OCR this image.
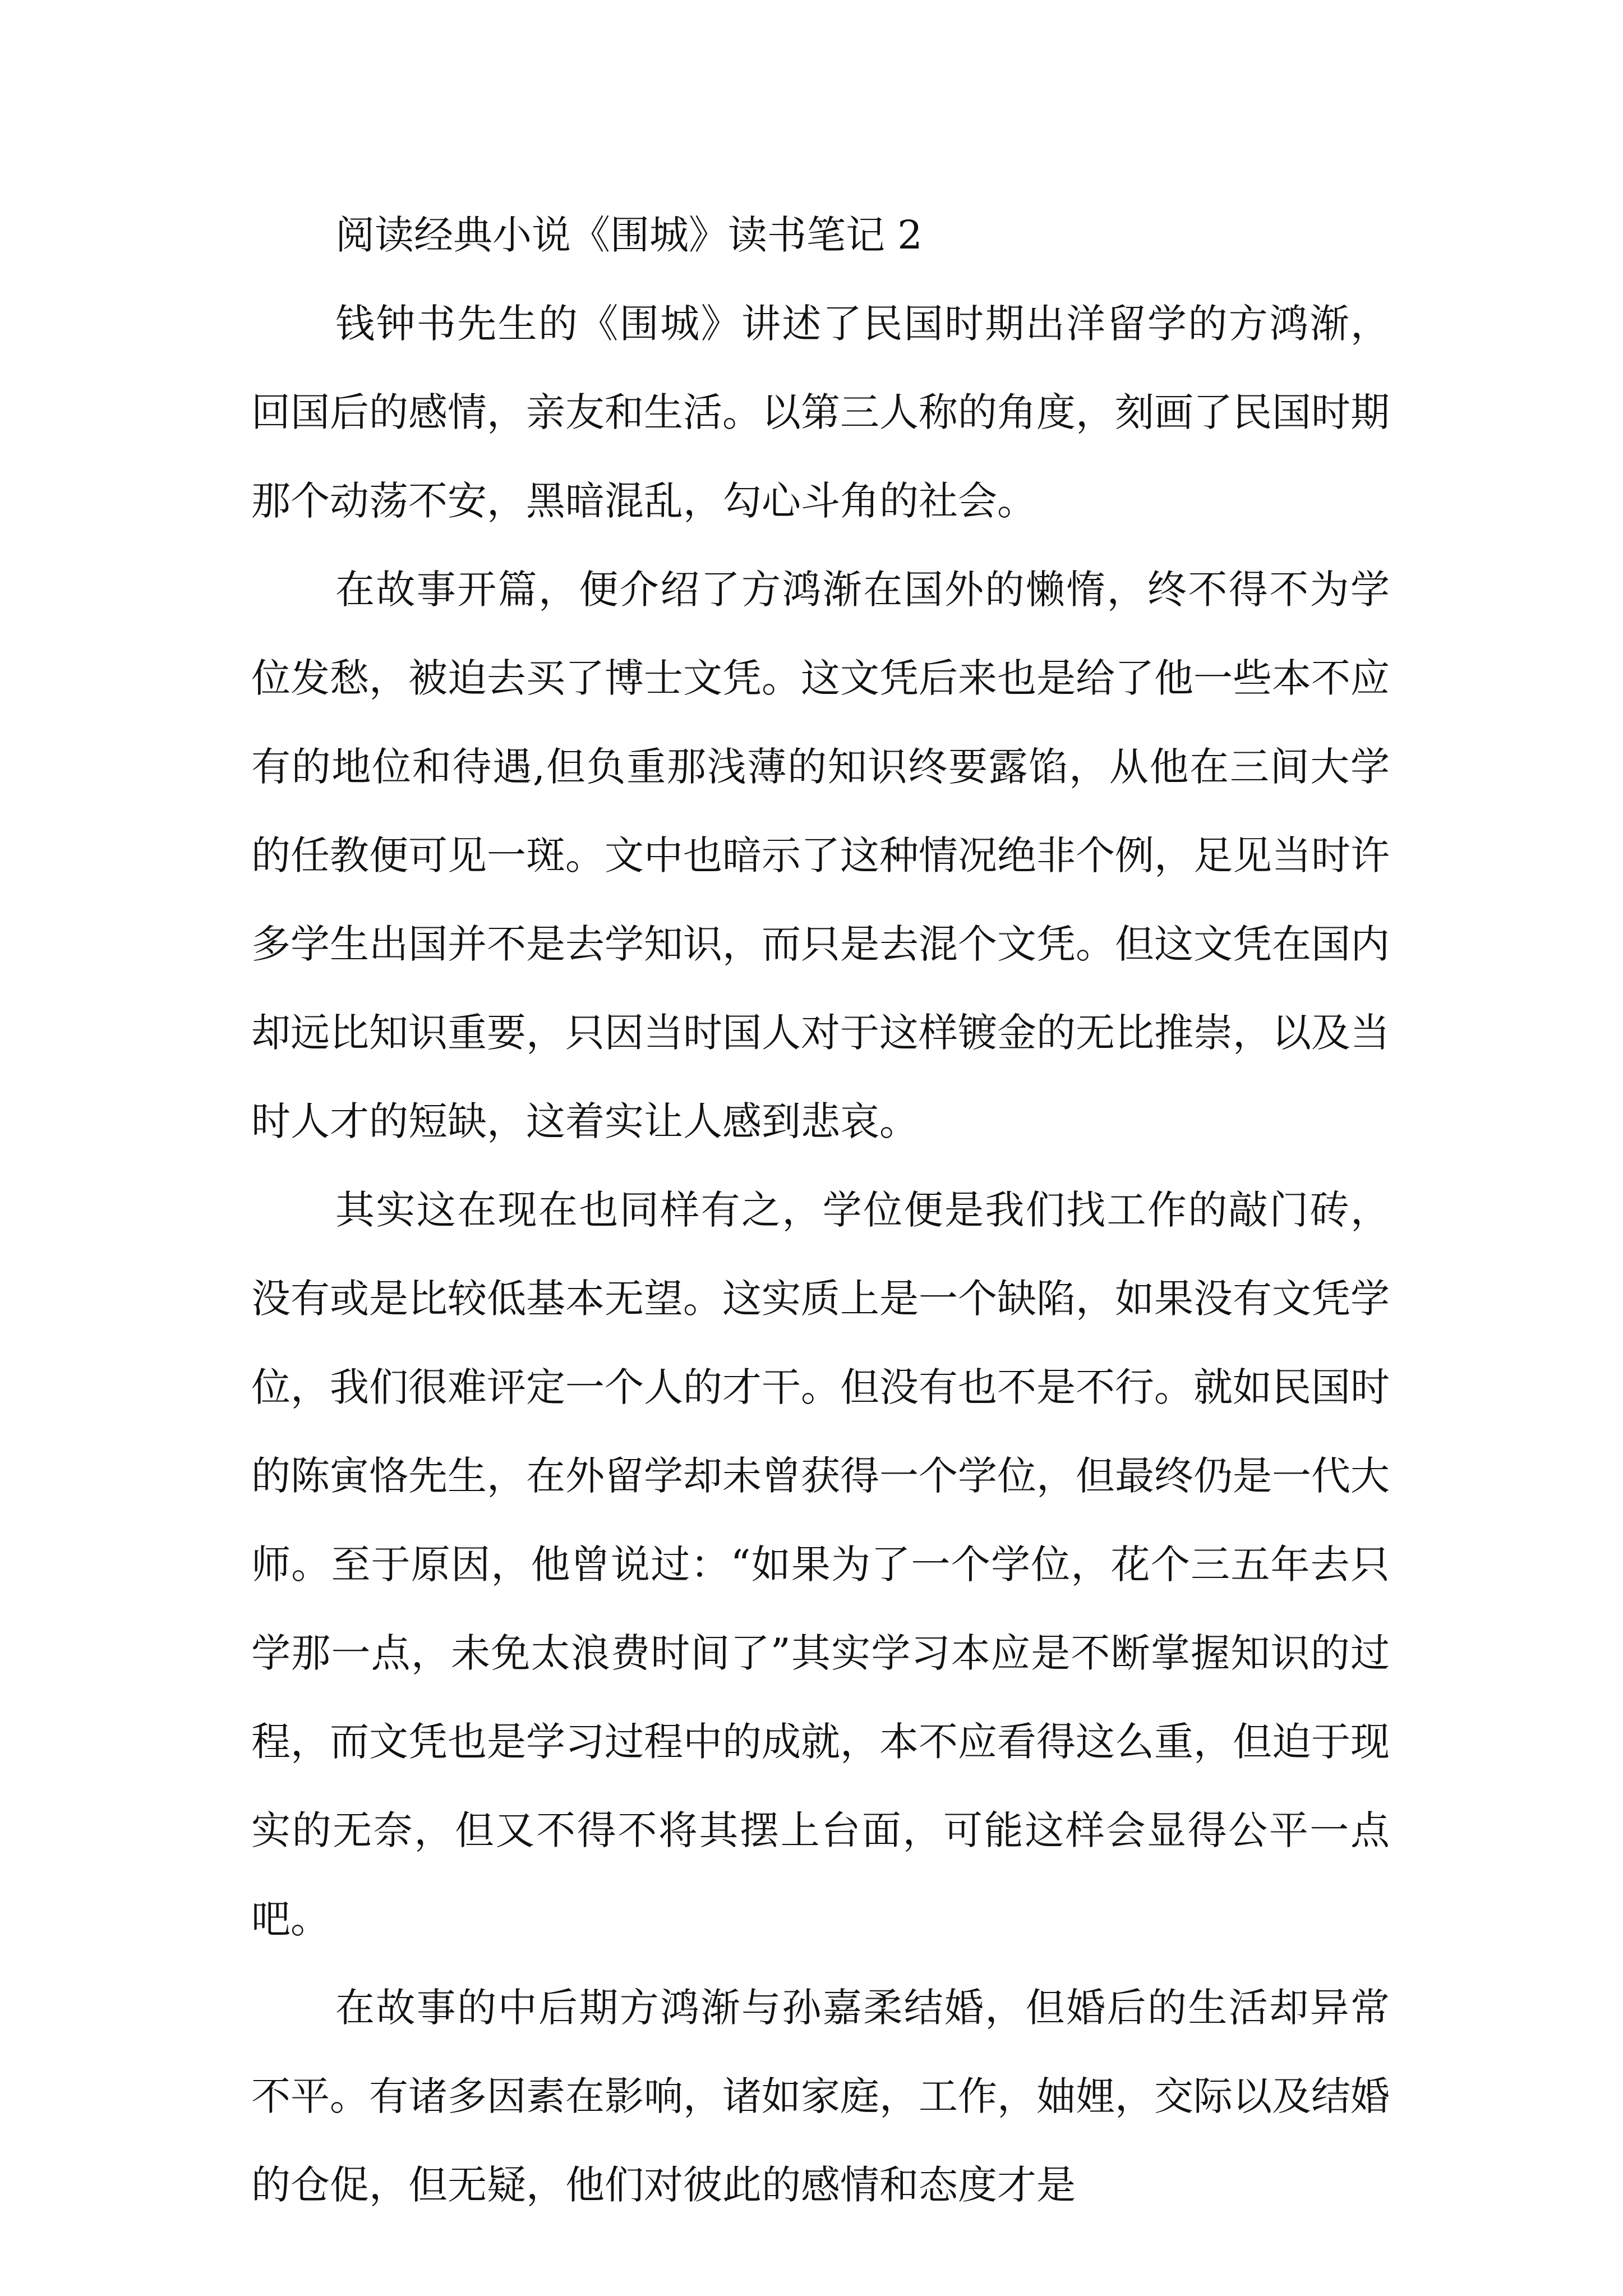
阅读经典小说《围城》读书笔记 2

钱钟书先生的《围城》讲述了民国时期出洋留学的方鸿渐，回国后的感情，亲友和生活。以第三人称的角度，刻画了民国时期那个动荡不安，黑暗混乱，勾心斗角的社会。

在故事开篇，便介绍了方鸿渐在国外的懒惰，终不得不为学位发愁，被迫去买了博士文凭。这文凭后来也是给了他一些本不应有的地位和待遇,但负重那浅薄的知识终要露馅，从他在三间大学的任教便可见一斑。文中也暗示了这种情况绝非个例，足见当时许多学生出国并不是去学知识，而只是去混个文凭。但这文凭在国内却远比知识重要，只因当时国人对于这样镀金的无比推崇，以及当时人才的短缺，这着实让人感到悲哀。

其实这在现在也同样有之，学位便是我们找工作的敲门砖，没有或是比较低基本无望。这实质上是一个缺陷，如果没有文凭学位，我们很难评定一个人的才干。但没有也不是不行。就如民国时的陈寅恪先生，在外留学却未曾获得一个学位，但最终仍是一代大师。至于原因，他曾说过：“如果为了一个学位，花个三五年去只学那一点，未免太浪费时间了”其实学习本应是不断掌握知识的过程，而文凭也是学习过程中的成就，本不应看得这么重，但迫于现实的无奈，但又不得不将其摆上台面，可能这样会显得公平一点吧。

在故事的中后期方鸿渐与孙嘉柔结婚，但婚后的生活却异常不平。有诸多因素在影响，诸如家庭，工作，妯娌，交际以及结婚的仓促，但无疑，他们对彼此的感情和态度才是
